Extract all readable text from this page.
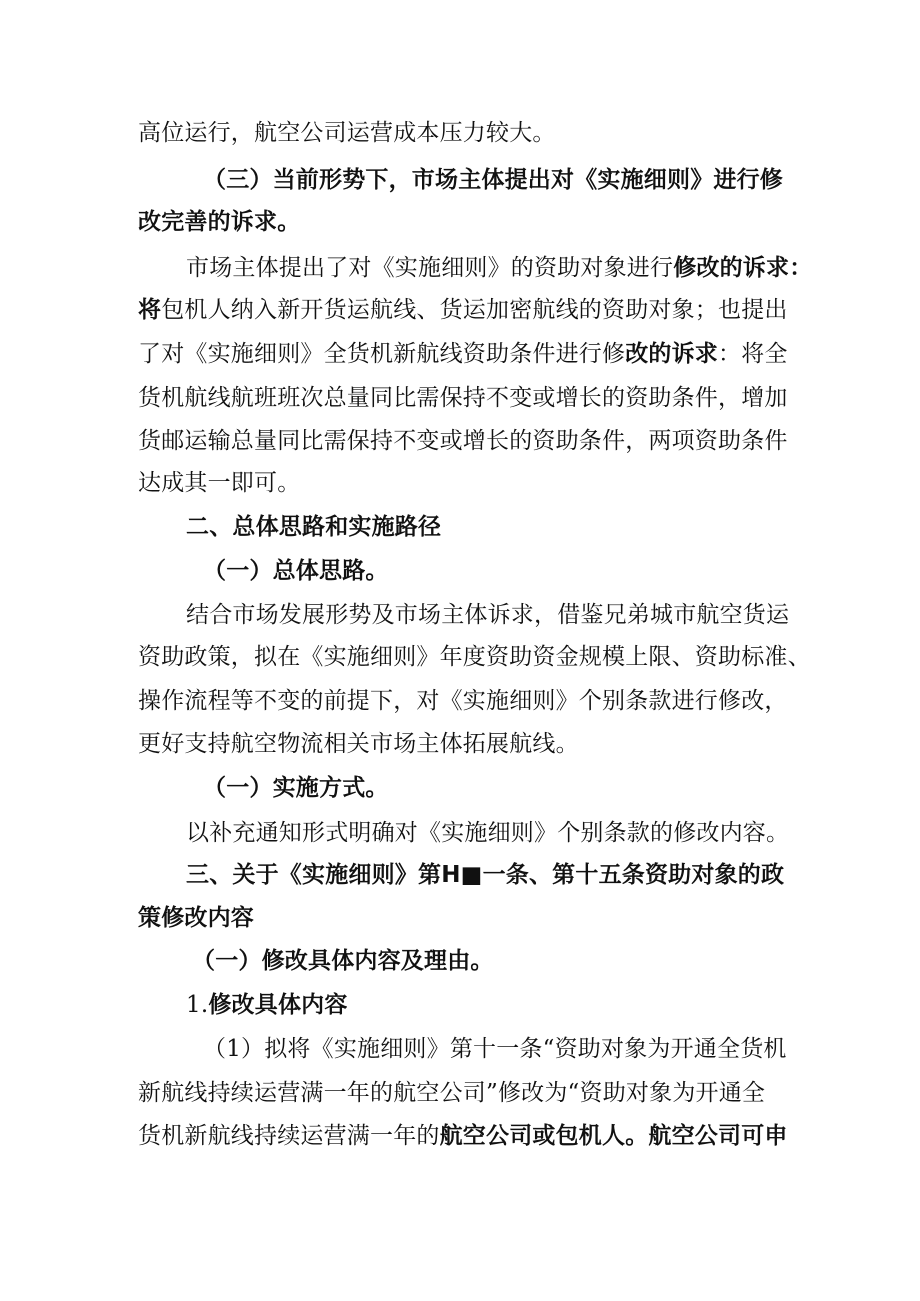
高位运行，航空公司运营成本压力较大。
（三）当前形势下，市场主体提出对《实施细则》进行修
改完善的诉求。
市场主体提出了对《实施细则》的资助对象进行修改的诉求：
将包机人纳入新开货运航线、货运加密航线的资助对象；也提出
了对《实施细则》全货机新航线资助条件进行修改的诉求：将全
货机航线航班班次总量同比需保持不变或增长的资助条件，增加
货邮运输总量同比需保持不变或增长的资助条件，两项资助条件
达成其一即可。
二、总体思路和实施路径
（一）总体思路。
结合市场发展形势及市场主体诉求，借鉴兄弟城市航空货运
资助政策，拟在《实施细则》年度资助资金规模上限、资助标准、
操作流程等不变的前提下，对《实施细则》个别条款进行修改，
更好支持航空物流相关市场主体拓展航线。
（一）实施方式。
以补充通知形式明确对《实施细则》个别条款的修改内容。
三、关于《实施细则》第H■一条、第十五条资助对象的政
策修改内容
（一）修改具体内容及理由。
1.修改具体内容
（1）拟将《实施细则》第十一条“资助对象为开通全货机
新航线持续运营满一年的航空公司”修改为“资助对象为开通全
货机新航线持续运营满一年的航空公司或包机人。航空公司可申
